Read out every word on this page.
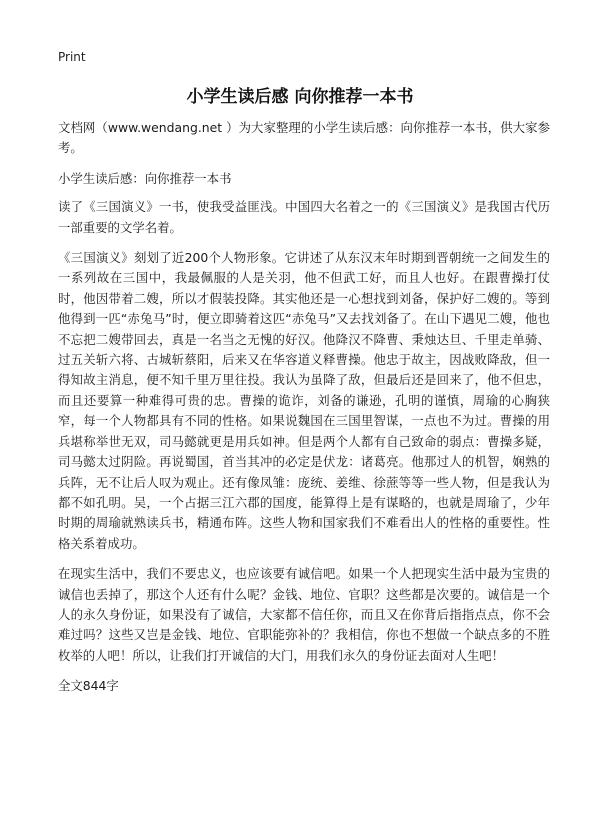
Print
小学生读后感 向你推荐一本书

文档网（www.wendang.net ）为大家整理的小学生读后感：向你推荐一本书，供大家参考。

小学生读后感：向你推荐一本书

读了《三国演义》一书，使我受益匪浅。中国四大名着之一的《三国演义》是我国古代历一部重要的文学名着。

《三国演义》刻划了近200个人物形象。它讲述了从东汉末年时期到晋朝统一之间发生的一系列故在三国中，我最佩服的人是关羽，他不但武工好，而且人也好。在跟曹操打仗时，他因带着二嫂，所以才假装投降。其实他还是一心想找到刘备，保护好二嫂的。等到他得到一匹“赤兔马”时，便立即骑着这匹“赤兔马”又去找刘备了。在山下遇见二嫂，他也不忘把二嫂带回去，真是一名当之无愧的好汉。他降汉不降曹、秉烛达旦、千里走单骑、过五关斩六将、古城斩蔡阳，后来又在华容道义释曹操。他忠于故主，因战败降敌，但一得知故主消息，便不知千里万里往投。我认为虽降了敌，但最后还是回来了，他不但忠，而且还要算一种难得可贵的忠。曹操的诡诈，刘备的谦逊，孔明的谨慎，周瑜的心胸狭窄，每一个人物都具有不同的性格。如果说魏国在三国里智谋，一点也不为过。曹操的用兵堪称举世无双，司马懿就更是用兵如神。但是两个人都有自己致命的弱点：曹操多疑，司马懿太过阴险。再说蜀国，首当其冲的必定是伏龙：诸葛亮。他那过人的机智，娴熟的兵阵，无不让后人叹为观止。还有像凤雏：庞统、姜维、徐蔗等等一些人物，但是我认为都不如孔明。吴，一个占据三江六郡的国度，能算得上是有谋略的，也就是周瑜了，少年时期的周瑜就熟读兵书，精通布阵。这些人物和国家我们不难看出人的性格的重要性。性格关系着成功。

在现实生活中，我们不要忠义，也应该要有诚信吧。如果一个人把现实生活中最为宝贵的诚信也丢掉了，那这个人还有什么呢？金钱、地位、官职？这些都是次要的。诚信是一个人的永久身份证，如果没有了诚信，大家都不信任你，而且又在你背后指指点点，你不会难过吗？这些又岂是金钱、地位、官职能弥补的？我相信，你也不想做一个缺点多的不胜枚举的人吧！所以，让我们打开诚信的大门，用我们永久的身份证去面对人生吧！

全文844字
